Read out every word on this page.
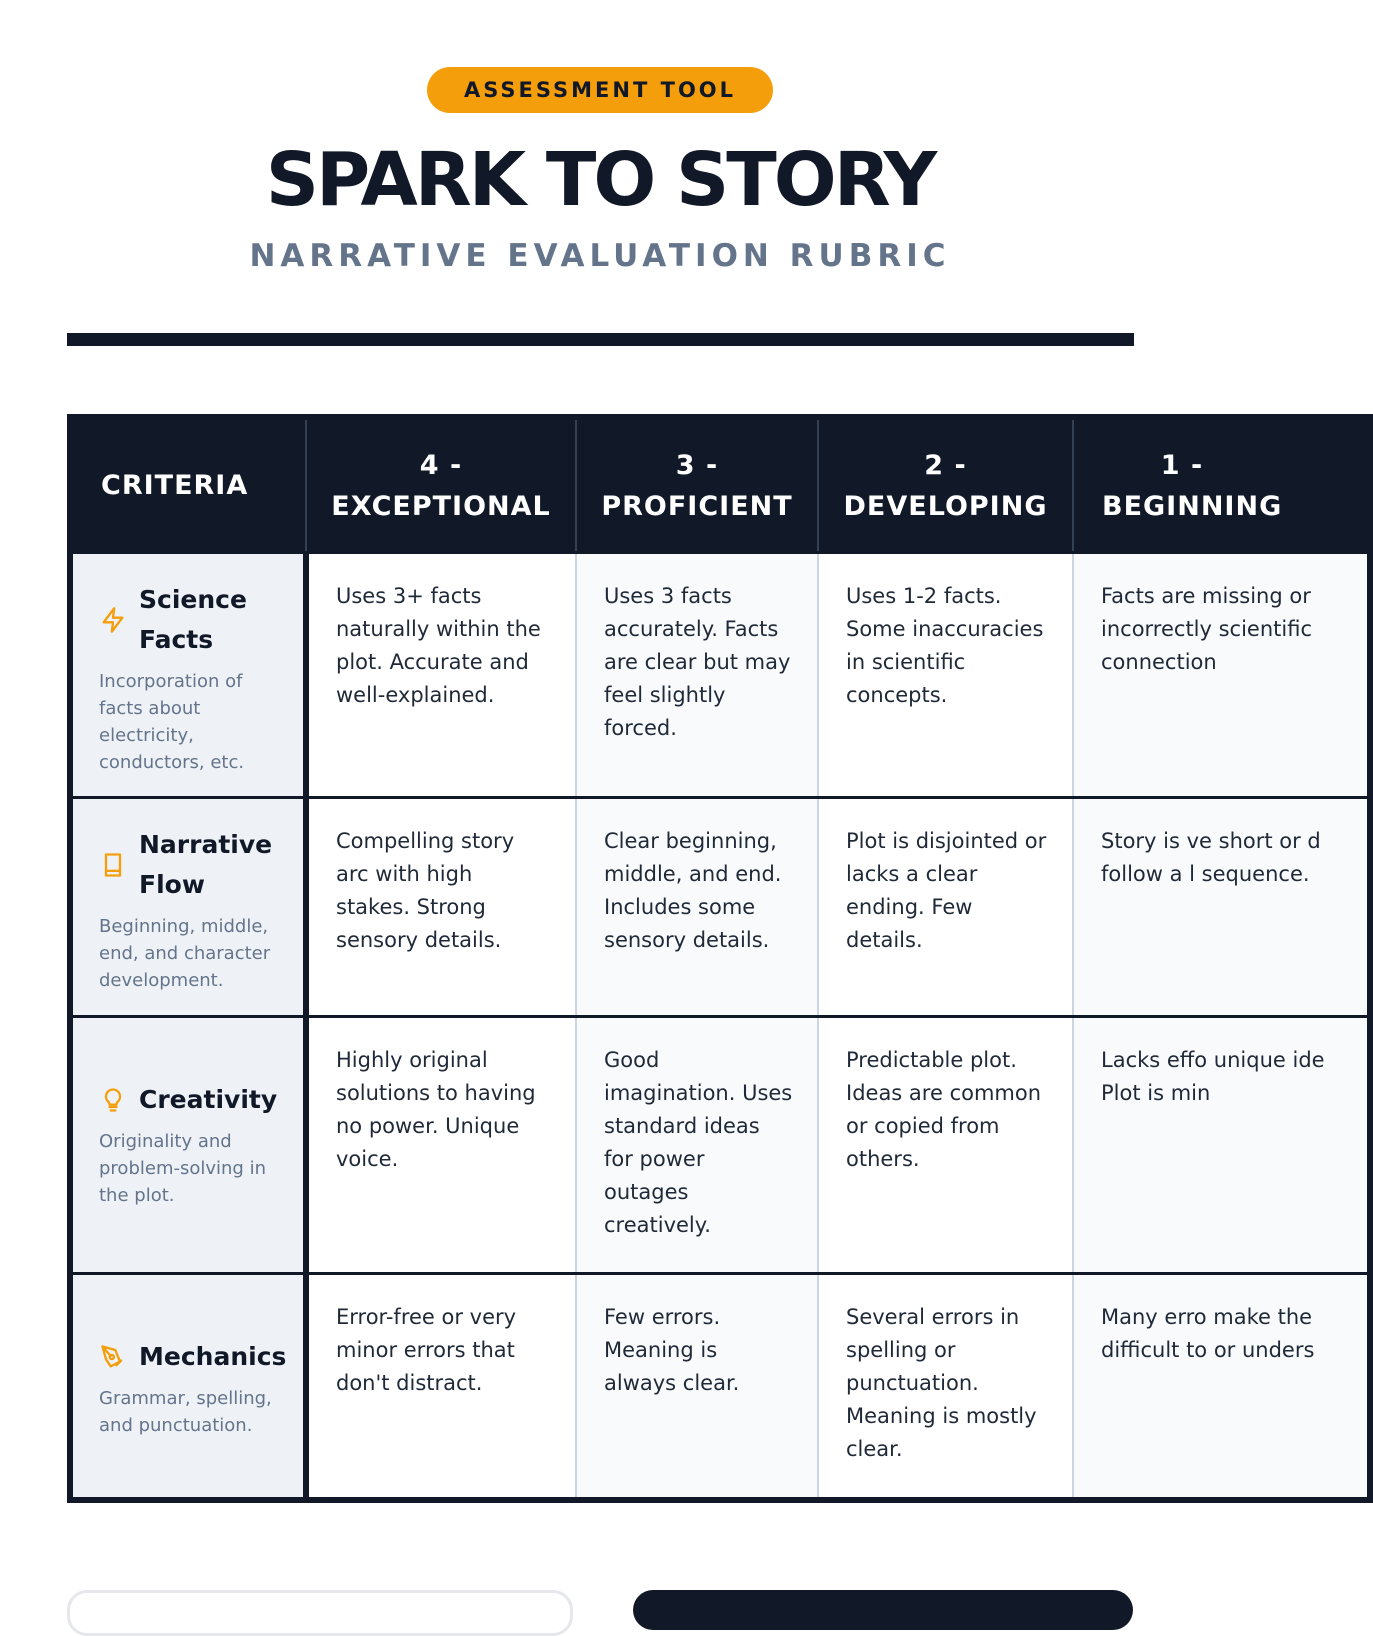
ASSESSMENT TOOL
SPARK TO STORY
NARRATIVE EVALUATION RUBRIC
CRITERIA	4 - EXCEPTIONAL	3 - PROFICIENT	2 - DEVELOPING	1 - BEGINNING

Science Facts
Incorporation of facts about electricity, conductors, etc.	Uses 3+ facts naturally within the plot. Accurate and well-explained.	Uses 3 facts accurately. Facts are clear but may feel slightly forced.	Uses 1-2 facts. Some inaccuracies in scientific concepts.	Facts are missing or incorrectly scientific connection

Narrative Flow
Beginning, middle, end, and character development.	Compelling story arc with high stakes. Strong sensory details.	Clear beginning, middle, and end. Includes some sensory details.	Plot is disjointed or lacks a clear ending. Few details.	Story is ve short or d follow a l sequence.

Creativity
Originality and problem-solving in the plot.	Highly original solutions to having no power. Unique voice.	Good imagination. Uses standard ideas for power outages creatively.	Predictable plot. Ideas are common or copied from others.	Lacks effo unique ide Plot is min

Mechanics
Grammar, spelling, and punctuation.	Error-free or very minor errors that don't distract.	Few errors. Meaning is always clear.	Several errors in spelling or punctuation. Meaning is mostly clear.	Many erro make the difficult to or unders
